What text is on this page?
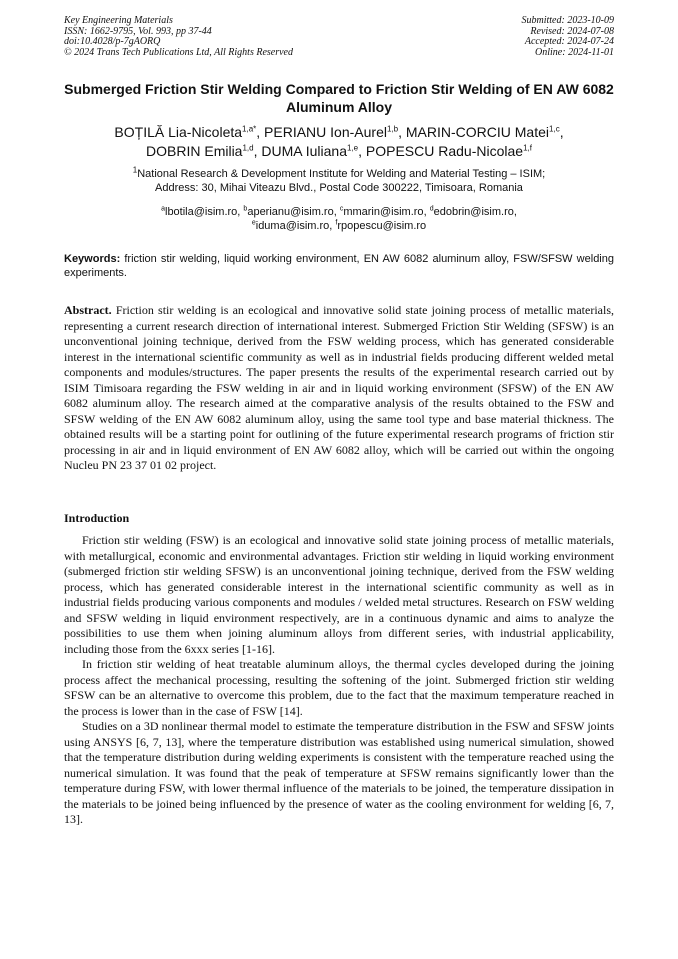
Key Engineering Materials
ISSN: 1662-9795, Vol. 993, pp 37-44
doi:10.4028/p-7gAORQ
© 2024 Trans Tech Publications Ltd, All Rights Reserved
Submitted: 2023-10-09
Revised: 2024-07-08
Accepted: 2024-07-24
Online: 2024-11-01
Submerged Friction Stir Welding Compared to Friction Stir Welding of EN AW 6082 Aluminum Alloy
BOȚILĂ Lia-Nicoleta$^{1,a*}$, PERIANU Ion-Aurel$^{1,b}$, MARIN-CORCIU Matei$^{1,c}$,
DOBRIN Emilia$^{1,d}$, DUMA Iuliana$^{1,e}$, POPESCU Radu-Nicolae$^{1,f}$
$^1$National Research & Development Institute for Welding and Material Testing – ISIM;
Address: 30, Mihai Viteazu Blvd., Postal Code 300222, Timisoara, Romania
$^a$lbotila@isim.ro, $^b$aperianu@isim.ro, $^c$mmarin@isim.ro, $^d$edobrin@isim.ro,
$^e$iduma@isim.ro, $^f$rpopescu@isim.ro
Keywords: friction stir welding, liquid working environment, EN AW 6082 aluminum alloy, FSW/SFSW welding experiments.
Abstract. Friction stir welding is an ecological and innovative solid state joining process of metallic materials, representing a current research direction of international interest. Submerged Friction Stir Welding (SFSW) is an unconventional joining technique, derived from the FSW welding process, which has generated considerable interest in the international scientific community as well as in industrial fields producing different welded metal components and modules/structures. The paper presents the results of the experimental research carried out by ISIM Timisoara regarding the FSW welding in air and in liquid working environment (SFSW) of the EN AW 6082 aluminum alloy. The research aimed at the comparative analysis of the results obtained to the FSW and SFSW welding of the EN AW 6082 aluminum alloy, using the same tool type and base material thickness. The obtained results will be a starting point for outlining of the future experimental research programs of friction stir processing in air and in liquid environment of EN AW 6082 alloy, which will be carried out within the ongoing Nucleu PN 23 37 01 02 project.
Introduction

Friction stir welding (FSW) is an ecological and innovative solid state joining process of metallic materials, with metallurgical, economic and environmental advantages. Friction stir welding in liquid working environment (submerged friction stir welding SFSW) is an unconventional joining technique, derived from the FSW welding process, which has generated considerable interest in the international scientific community as well as in industrial fields producing various components and modules / welded metal structures. Research on FSW welding and SFSW welding in liquid environment respectively, are in a continuous dynamic and aims to analyze the possibilities to use them when joining aluminum alloys from different series, with industrial applicability, including those from the 6xxx series [1-16].

In friction stir welding of heat treatable aluminum alloys, the thermal cycles developed during the joining process affect the mechanical processing, resulting the softening of the joint. Submerged friction stir welding SFSW can be an alternative to overcome this problem, due to the fact that the maximum temperature reached in the process is lower than in the case of FSW [14].

Studies on a 3D nonlinear thermal model to estimate the temperature distribution in the FSW and SFSW joints using ANSYS [6, 7, 13], where the temperature distribution was established using numerical simulation, showed that the temperature distribution during welding experiments is consistent with the temperature reached using the numerical simulation. It was found that the peak of temperature at SFSW remains significantly lower than the temperature during FSW, with lower thermal influence of the materials to be joined, the temperature dissipation in the materials to be joined being influenced by the presence of water as the cooling environment for welding [6, 7, 13].
